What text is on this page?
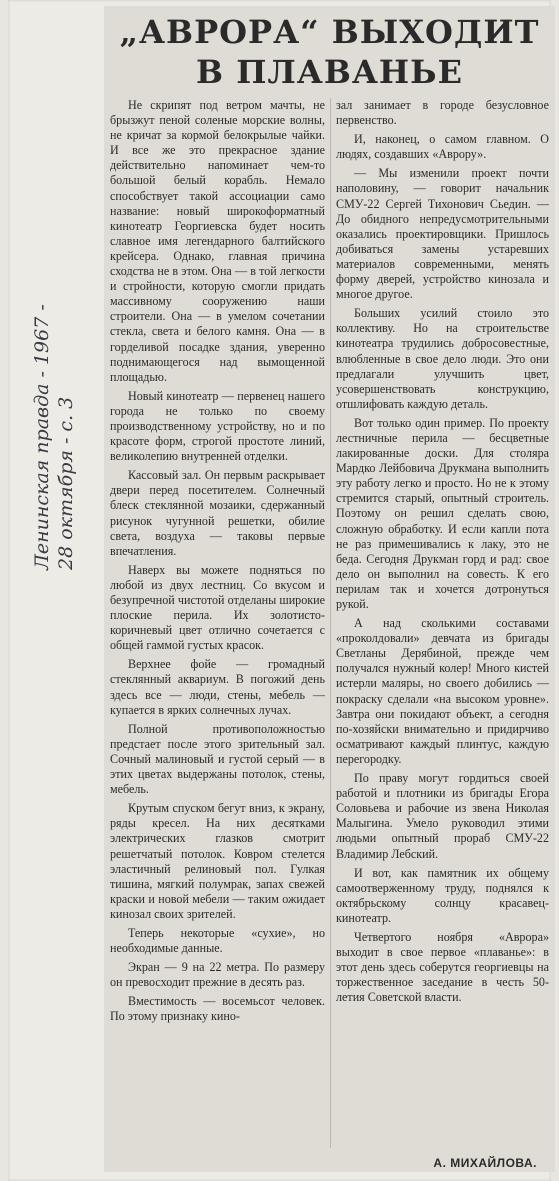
Ленинская правда - 1967 - 28 октября - с. 3
„АВРОРА“ ВЫХОДИТ
В ПЛАВАНЬЕ

Не скрипят под ветром мачты, не брызжут пеной соленые морские волны, не кричат за кормой белокрылые чайки. И все же это прекрасное здание действительно напоминает чем-то большой белый корабль. Немало способствует такой ассоциации само название: новый широкоформатный кинотеатр Георгиевска будет носить славное имя легендарного балтийского крейсера. Однако, главная причина сходства не в этом. Она — в той легкости и стройности, которую смогли придать массивному сооружению наши строители. Она — в умелом сочетании стекла, света и белого камня. Она — в горделивой посадке здания, уверенно поднимающегося над вымощенной площадью.

Новый кинотеатр — первенец нашего города не только по своему производственному устройству, но и по красоте форм, строгой простоте линий, великолепию внутренней отделки.

Кассовый зал. Он первым раскрывает двери перед посетителем. Солнечный блеск стеклянной мозаики, сдержанный рисунок чугунной решетки, обилие света, воздуха — таковы первые впечатления.

Наверх вы можете подняться по любой из двух лестниц. Со вкусом и безупречной чистотой отделаны широкие плоские перила. Их золотисто-коричневый цвет отлично сочетается с общей гаммой густых красок.

Верхнее фойе — громадный стеклянный аквариум. В погожий день здесь все — люди, стены, мебель — купается в ярких солнечных лучах.

Полной противоположностью предстает после этого зрительный зал. Сочный малиновый и густой серый — в этих цветах выдержаны потолок, стены, мебель.

Крутым спуском бегут вниз, к экрану, ряды кресел. На них десятками электрических глазков смотрит решетчатый потолок. Ковром стелется эластичный релиновый пол. Гулкая тишина, мягкий полумрак, запах свежей краски и новой мебели — таким ожидает кинозал своих зрителей.

Теперь некоторые «сухие», но необходимые данные.

Экран — 9 на 22 метра. По размеру он превосходит прежние в десять раз.

Вместимость — восемьсот человек. По этому признаку кино-

зал занимает в городе безусловное первенство.

И, наконец, о самом главном. О людях, создавших «Аврору».

— Мы изменили проект почти наполовину, — говорит начальник СМУ-22 Сергей Тихонович Сьедин. — До обидного непредусмотрительными оказались проектировщики. Пришлось добиваться замены устаревших материалов современными, менять форму дверей, устройство кинозала и многое другое.

Больших усилий стоило это коллективу. Но на строительстве кинотеатра трудились добросовестные, влюбленные в свое дело люди. Это они предлагали улучшить цвет, усовершенствовать конструкцию, отшлифовать каждую деталь.

Вот только один пример. По проекту лестничные перила — бесцветные лакированные доски. Для столяра Мардко Лейбовича Друкмана выполнить эту работу легко и просто. Но не к этому стремится старый, опытный строитель. Поэтому он решил сделать свою, сложную обработку. И если капли пота не раз примешивались к лаку, это не беда. Сегодня Друкман горд и рад: свое дело он выполнил на совесть. К его перилам так и хочется дотронуться рукой.

А над сколькими составами «проколдовали» девчата из бригады Светланы Дерябиной, прежде чем получался нужный колер! Много кистей истерли маляры, но своего добились — покраску сделали «на высоком уровне». Завтра они покидают объект, а сегодня по-хозяйски внимательно и придирчиво осматривают каждый плинтус, каждую перегородку.

По праву могут гордиться своей работой и плотники из бригады Егора Соловьева и рабочие из звена Николая Малыгина. Умело руководил этими людьми опытный прораб СМУ-22 Владимир Лебский.

И вот, как памятник их общему самоотверженному труду, поднялся к октябрьскому солнцу красавец-кинотеатр.

Четвертого ноября «Аврора» выходит в свое первое «плаванье»: в этот день здесь соберутся георгиевцы на торжественное заседание в честь 50-летия Советской власти.

А. МИХАЙЛОВА.
